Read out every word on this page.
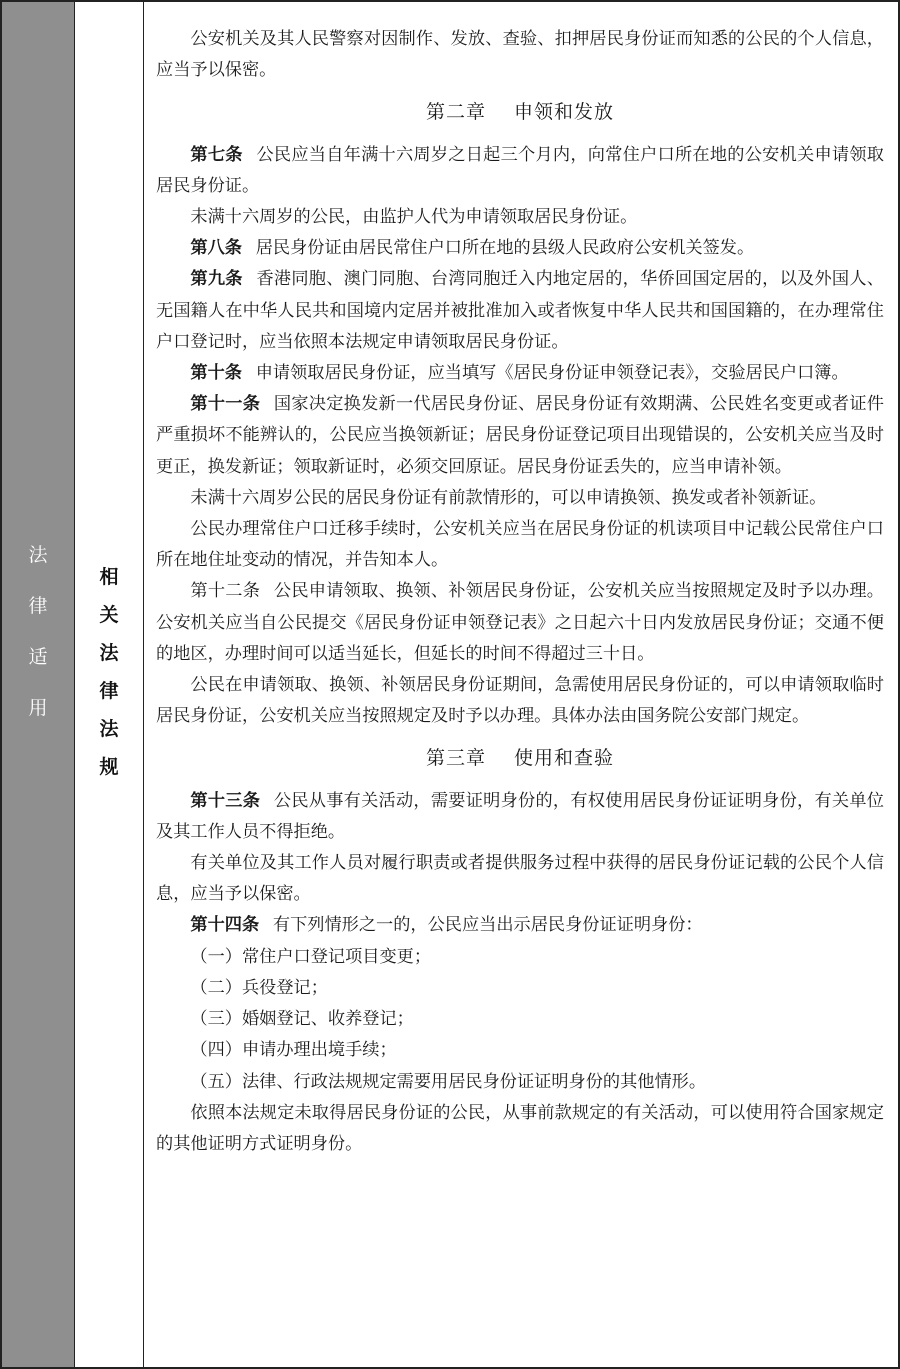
法
律
适
用
相
关
法
律
法
规

公安机关及其人民警察对因制作、发放、查验、扣押居民身份证而知悉的公民的个人信息，应当予以保密。

第二章 申领和发放

第七条 公民应当自年满十六周岁之日起三个月内，向常住户口所在地的公安机关申请领取居民身份证。

未满十六周岁的公民，由监护人代为申请领取居民身份证。

第八条 居民身份证由居民常住户口所在地的县级人民政府公安机关签发。

第九条 香港同胞、澳门同胞、台湾同胞迁入内地定居的，华侨回国定居的，以及外国人、无国籍人在中华人民共和国境内定居并被批准加入或者恢复中华人民共和国国籍的，在办理常住户口登记时，应当依照本法规定申请领取居民身份证。

第十条 申请领取居民身份证，应当填写《居民身份证申领登记表》，交验居民户口簿。

第十一条 国家决定换发新一代居民身份证、居民身份证有效期满、公民姓名变更或者证件严重损坏不能辨认的，公民应当换领新证；居民身份证登记项目出现错误的，公安机关应当及时更正，换发新证；领取新证时，必须交回原证。居民身份证丢失的，应当申请补领。

未满十六周岁公民的居民身份证有前款情形的，可以申请换领、换发或者补领新证。

公民办理常住户口迁移手续时，公安机关应当在居民身份证的机读项目中记载公民常住户口所在地住址变动的情况，并告知本人。

第十二条 公民申请领取、换领、补领居民身份证，公安机关应当按照规定及时予以办理。公安机关应当自公民提交《居民身份证申领登记表》之日起六十日内发放居民身份证；交通不便的地区，办理时间可以适当延长，但延长的时间不得超过三十日。

公民在申请领取、换领、补领居民身份证期间，急需使用居民身份证的，可以申请领取临时居民身份证，公安机关应当按照规定及时予以办理。具体办法由国务院公安部门规定。

第三章 使用和查验

第十三条 公民从事有关活动，需要证明身份的，有权使用居民身份证证明身份，有关单位及其工作人员不得拒绝。

有关单位及其工作人员对履行职责或者提供服务过程中获得的居民身份证记载的公民个人信息，应当予以保密。

第十四条 有下列情形之一的，公民应当出示居民身份证证明身份：

（一）常住户口登记项目变更；

（二）兵役登记；

（三）婚姻登记、收养登记；

（四）申请办理出境手续；

（五）法律、行政法规规定需要用居民身份证证明身份的其他情形。

依照本法规定未取得居民身份证的公民，从事前款规定的有关活动，可以使用符合国家规定的其他证明方式证明身份。
